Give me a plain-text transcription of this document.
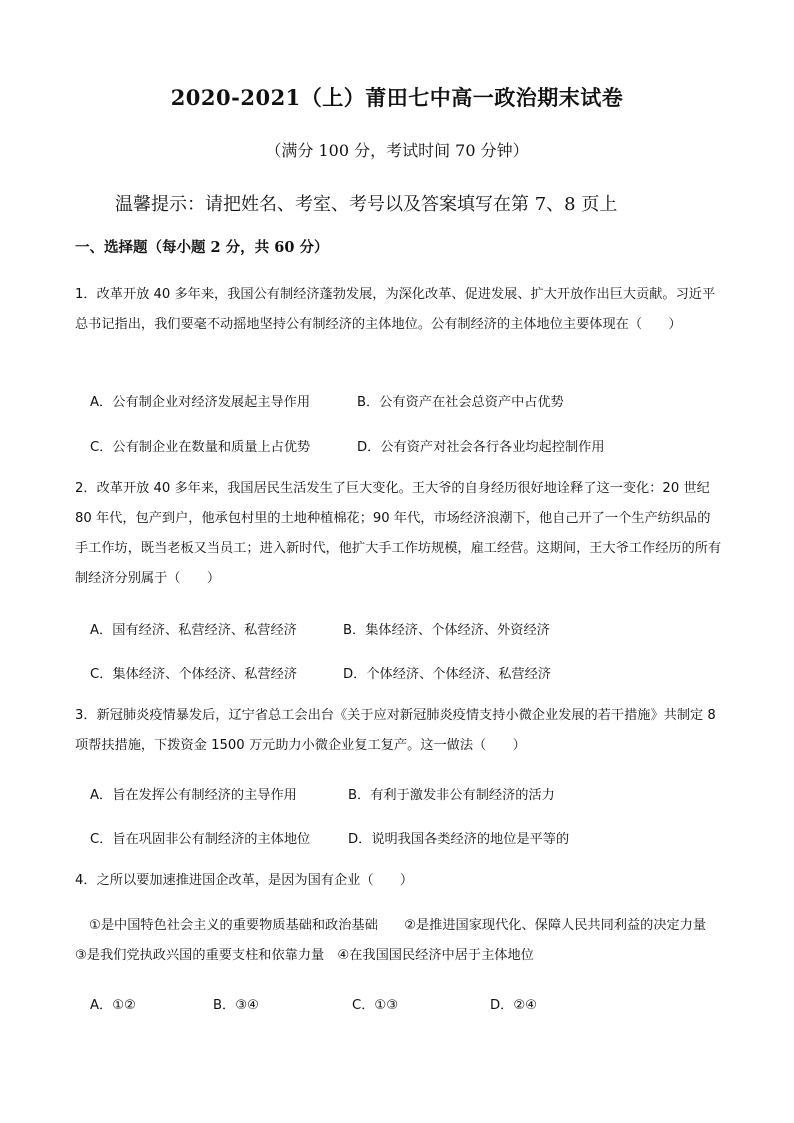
2020-2021（上）莆田七中高一政治期末试卷
（满分 100 分，考试时间 70 分钟）
温馨提示：请把姓名、考室、考号以及答案填写在第 7、8 页上
一、选择题（每小题 2 分，共 60 分）
1．改革开放 40 多年来，我国公有制经济蓬勃发展，为深化改革、促进发展、扩大开放作出巨大贡献。习近平总书记指出，我们要毫不动摇地坚持公有制经济的主体地位。公有制经济的主体地位主要体现在（　　）
A．公有制企业对经济发展起主导作用	B．公有资产在社会总资产中占优势
C．公有制企业在数量和质量上占优势	D．公有资产对社会各行各业均起控制作用
2．改革开放 40 多年来，我国居民生活发生了巨大变化。王大爷的自身经历很好地诠释了这一变化：20 世纪 80 年代，包产到户，他承包村里的土地种植棉花；90 年代，市场经济浪潮下，他自己开了一个生产纺织品的手工作坊，既当老板又当员工；进入新时代，他扩大手工作坊规模，雇工经营。这期间，王大爷工作经历的所有制经济分别属于（　　）
A．国有经济、私营经济、私营经济	B．集体经济、个体经济、外资经济
C．集体经济、个体经济、私营经济	D．个体经济、个体经济、私营经济
3．新冠肺炎疫情暴发后，辽宁省总工会出台《关于应对新冠肺炎疫情支持小微企业发展的若干措施》共制定 8 项帮扶措施，下拨资金 1500 万元助力小微企业复工复产。这一做法（　　）
A．旨在发挥公有制经济的主导作用	B．有利于激发非公有制经济的活力
C．旨在巩固非公有制经济的主体地位	D．说明我国各类经济的地位是平等的
4．之所以要加速推进国企改革，是因为国有企业（　　）
①是中国特色社会主义的重要物质基础和政治基础　　②是推进国家现代化、保障人民共同利益的决定力量　③是我们党执政兴国的重要支柱和依靠力量　④在我国国民经济中居于主体地位
A．①②	B．③④	C．①③	D．②④
